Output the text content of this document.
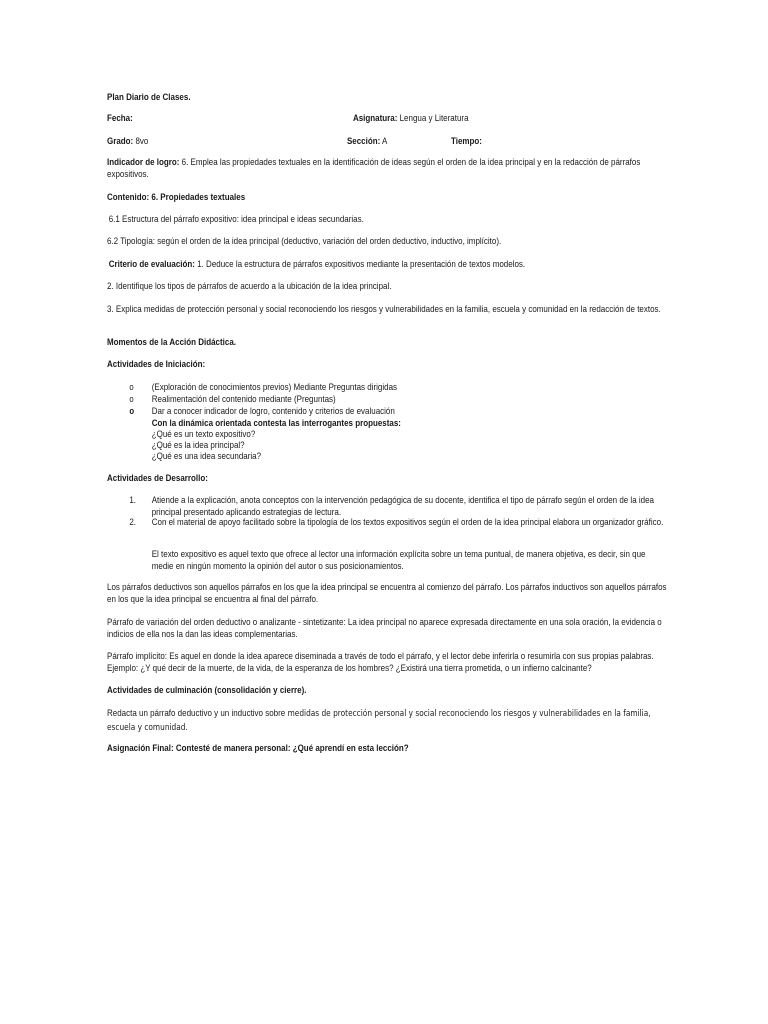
Plan Diario de Clases.
Fecha:	Asignatura: Lengua y Literatura
Grado: 8vo	Sección: A	Tiempo:
Indicador de logro: 6. Emplea las propiedades textuales en la identificación de ideas según el orden de la idea principal y en la redacción de párrafos expositivos.
Contenido: 6. Propiedades textuales
6.1 Estructura del párrafo expositivo: idea principal e ideas secundarias.
6.2 Tipología: según el orden de la idea principal (deductivo, variación del orden deductivo, inductivo, implícito).
Criterio de evaluación: 1. Deduce la estructura de párrafos expositivos mediante la presentación de textos modelos.
2. Identifique los tipos de párrafos de acuerdo a la ubicación de la idea principal.
3. Explica medidas de protección personal y social reconociendo los riesgos y vulnerabilidades en la familia, escuela y comunidad en la redacción de textos.
Momentos de la Acción Didáctica.
Actividades de Iniciación:
o (Exploración de conocimientos previos) Mediante Preguntas dirigidas
o Realimentación del contenido mediante (Preguntas)
o Dar a conocer indicador de logro, contenido y criterios de evaluación
Con la dinámica orientada contesta las interrogantes propuestas:
¿Qué es un texto expositivo?
¿Qué es la idea principal?
¿Qué es una idea secundaria?
Actividades de Desarrollo:
1. Atiende a la explicación, anota conceptos con la intervención pedagógica de su docente, identifica el tipo de párrafo según el orden de la idea principal presentado aplicando estrategias de lectura.
2. Con el material de apoyo facilitado sobre la tipología de los textos expositivos según el orden de la idea principal elabora un organizador gráfico.
El texto expositivo es aquel texto que ofrece al lector una información explícita sobre un tema puntual, de manera objetiva, es decir, sin que medie en ningún momento la opinión del autor o sus posicionamientos.
Los párrafos deductivos son aquellos párrafos en los que la idea principal se encuentra al comienzo del párrafo. Los párrafos inductivos son aquellos párrafos en los que la idea principal se encuentra al final del párrafo.
Párrafo de variación del orden deductivo o analizante - sintetizante: La idea principal no aparece expresada directamente en una sola oración, la evidencia o indicios de ella nos la dan las ideas complementarias.
Párrafo implícito: Es aquel en donde la idea aparece diseminada a través de todo el párrafo, y el lector debe inferirla o resumirla con sus propias palabras. Ejemplo: ¿Y qué decir de la muerte, de la vida, de la esperanza de los hombres? ¿Existirá una tierra prometida, o un infierno calcinante?
Actividades de culminación (consolidación y cierre).
Redacta un párrafo deductivo y un inductivo sobre medidas de protección personal y social reconociendo los riesgos y vulnerabilidades en la familia, escuela y comunidad.
Asignación Final: Contesté de manera personal: ¿Qué aprendí en esta lección?
